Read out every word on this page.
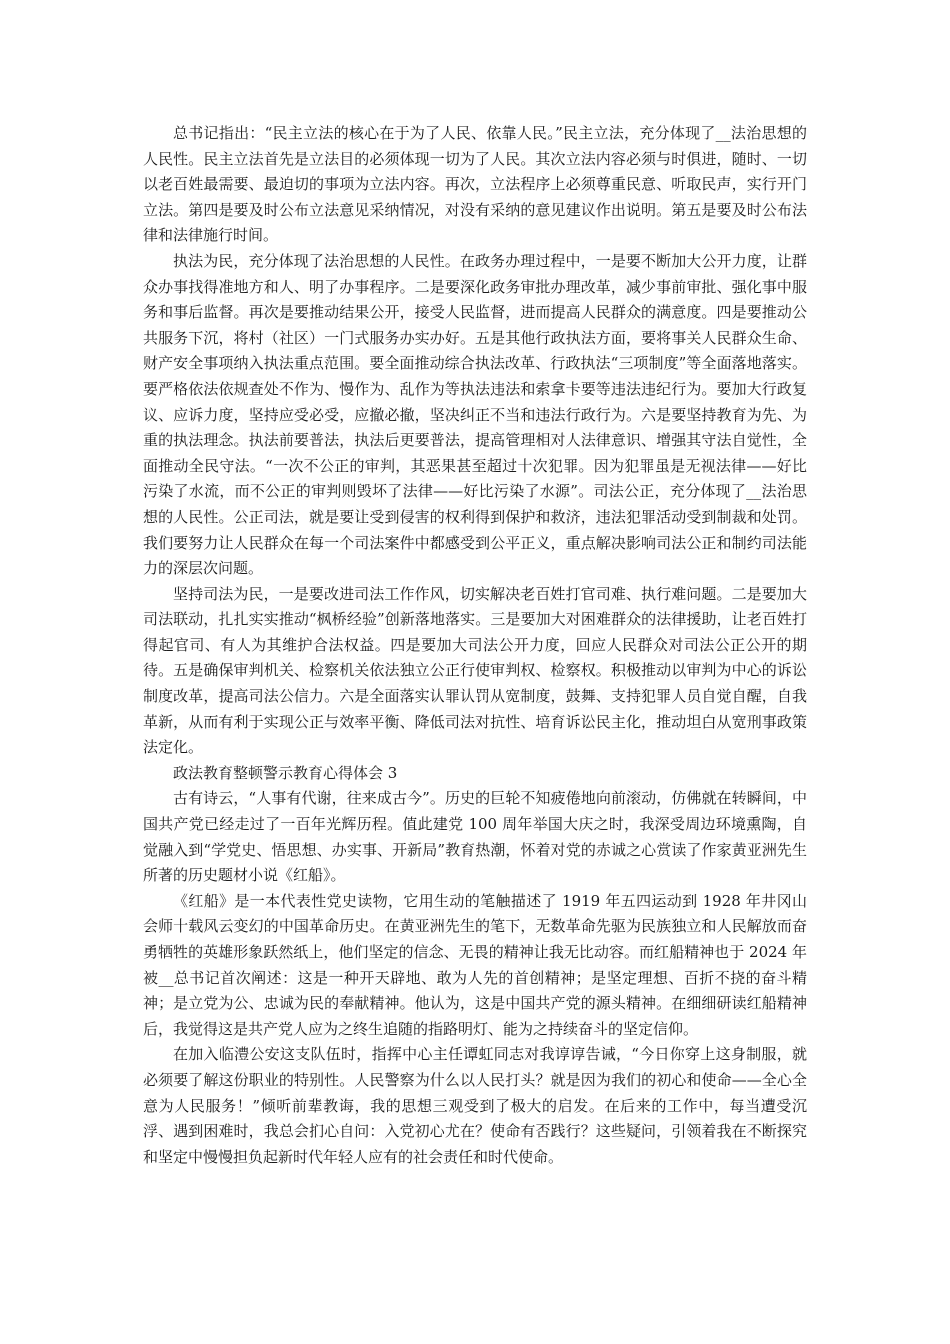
总书记指出：“民主立法的核心在于为了人民、依靠人民。”民主立法，充分体现了__法治思想的人民性。民主立法首先是立法目的必须体现一切为了人民。其次立法内容必须与时俱进，随时、一切以老百姓最需要、最迫切的事项为立法内容。再次，立法程序上必须尊重民意、听取民声，实行开门立法。第四是要及时公布立法意见采纳情况，对没有采纳的意见建议作出说明。第五是要及时公布法律和法律施行时间。

执法为民，充分体现了法治思想的人民性。在政务办理过程中，一是要不断加大公开力度，让群众办事找得准地方和人、明了办事程序。二是要深化政务审批办理改革，减少事前审批、强化事中服务和事后监督。再次是要推动结果公开，接受人民监督，进而提高人民群众的满意度。四是要推动公共服务下沉，将村（社区）一门式服务办实办好。五是其他行政执法方面，要将事关人民群众生命、财产安全事项纳入执法重点范围。要全面推动综合执法改革、行政执法“三项制度”等全面落地落实。要严格依法依规查处不作为、慢作为、乱作为等执法违法和索拿卡要等违法违纪行为。要加大行政复议、应诉力度，坚持应受必受，应撤必撤，坚决纠正不当和违法行政行为。六是要坚持教育为先、为重的执法理念。执法前要普法，执法后更要普法，提高管理相对人法律意识、增强其守法自觉性，全面推动全民守法。“一次不公正的审判，其恶果甚至超过十次犯罪。因为犯罪虽是无视法律——好比污染了水流，而不公正的审判则毁坏了法律——好比污染了水源”。司法公正，充分体现了__法治思想的人民性。公正司法，就是要让受到侵害的权利得到保护和救济，违法犯罪活动受到制裁和处罚。我们要努力让人民群众在每一个司法案件中都感受到公平正义，重点解决影响司法公正和制约司法能力的深层次问题。

坚持司法为民，一是要改进司法工作作风，切实解决老百姓打官司难、执行难问题。二是要加大司法联动，扎扎实实推动“枫桥经验”创新落地落实。三是要加大对困难群众的法律援助，让老百姓打得起官司、有人为其维护合法权益。四是要加大司法公开力度，回应人民群众对司法公正公开的期待。五是确保审判机关、检察机关依法独立公正行使审判权、检察权。积极推动以审判为中心的诉讼制度改革，提高司法公信力。六是全面落实认罪认罚从宽制度，鼓舞、支持犯罪人员自觉自醒，自我革新，从而有利于实现公正与效率平衡、降低司法对抗性、培育诉讼民主化，推动坦白从宽刑事政策法定化。

政法教育整顿警示教育心得体会 3

古有诗云，“人事有代谢，往来成古今”。历史的巨轮不知疲倦地向前滚动，仿佛就在转瞬间，中国共产党已经走过了一百年光辉历程。值此建党 100 周年举国大庆之时，我深受周边环境熏陶，自觉融入到“学党史、悟思想、办实事、开新局”教育热潮，怀着对党的赤诚之心赏读了作家黄亚洲先生所著的历史题材小说《红船》。

《红船》是一本代表性党史读物，它用生动的笔触描述了 1919 年五四运动到 1928 年井冈山会师十载风云变幻的中国革命历史。在黄亚洲先生的笔下，无数革命先驱为民族独立和人民解放而奋勇牺牲的英雄形象跃然纸上，他们坚定的信念、无畏的精神让我无比动容。而红船精神也于 2024 年被__总书记首次阐述：这是一种开天辟地、敢为人先的首创精神；是坚定理想、百折不挠的奋斗精神；是立党为公、忠诚为民的奉献精神。他认为，这是中国共产党的源头精神。在细细研读红船精神后，我觉得这是共产党人应为之终生追随的指路明灯、能为之持续奋斗的坚定信仰。

在加入临澧公安这支队伍时，指挥中心主任谭虹同志对我谆谆告诫，“今日你穿上这身制服，就必须要了解这份职业的特别性。人民警察为什么以人民打头？就是因为我们的初心和使命——全心全意为人民服务！”倾听前辈教诲，我的思想三观受到了极大的启发。在后来的工作中，每当遭受沉浮、遇到困难时，我总会扪心自问：入党初心尤在？使命有否践行？这些疑问，引领着我在不断探究和坚定中慢慢担负起新时代年轻人应有的社会责任和时代使命。
